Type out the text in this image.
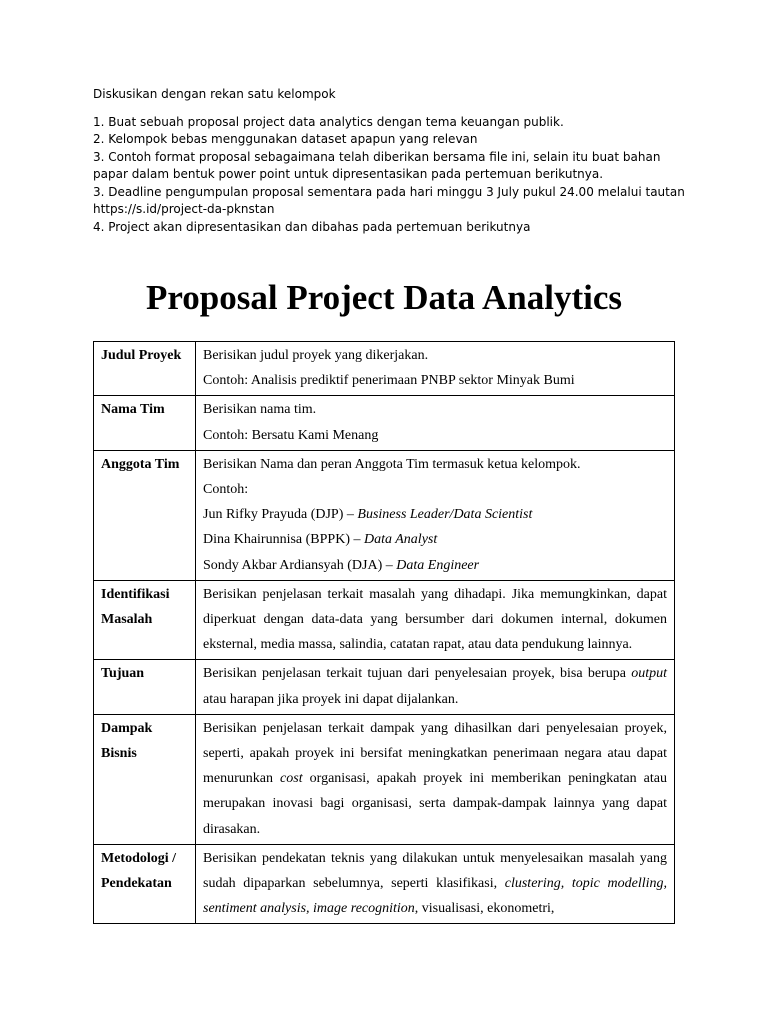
Diskusikan dengan rekan satu kelompok
1. Buat sebuah proposal project data analytics dengan tema keuangan publik.
2. Kelompok bebas menggunakan dataset apapun yang relevan
3. Contoh format proposal sebagaimana telah diberikan bersama file ini, selain itu buat bahan papar dalam bentuk power point untuk dipresentasikan pada pertemuan berikutnya.
3. Deadline pengumpulan proposal sementara pada hari minggu 3 July pukul 24.00 melalui tautan https://s.id/project-da-pknstan
4. Project akan dipresentasikan dan dibahas pada pertemuan berikutnya
Proposal Project Data Analytics
Judul Proyek	Berisikan judul proyek yang dikerjakan.
Contoh: Analisis prediktif penerimaan PNBP sektor Minyak Bumi

Nama Tim	Berisikan nama tim.
Contoh: Bersatu Kami Menang

Anggota Tim	Berisikan Nama dan peran Anggota Tim termasuk ketua kelompok.
Contoh:
Jun Rifky Prayuda (DJP) – Business Leader/Data Scientist
Dina Khairunnisa (BPPK) – Data Analyst
Sondy Akbar Ardiansyah (DJA) – Data Engineer

Identifikasi Masalah	Berisikan penjelasan terkait masalah yang dihadapi. Jika memungkinkan, dapat diperkuat dengan data-data yang bersumber dari dokumen internal, dokumen eksternal, media massa, salindia, catatan rapat, atau data pendukung lainnya.
Tujuan	Berisikan penjelasan terkait tujuan dari penyelesaian proyek, bisa berupa output atau harapan jika proyek ini dapat dijalankan.
Dampak Bisnis	Berisikan penjelasan terkait dampak yang dihasilkan dari penyelesaian proyek, seperti, apakah proyek ini bersifat meningkatkan penerimaan negara atau dapat menurunkan cost organisasi, apakah proyek ini memberikan peningkatan atau merupakan inovasi bagi organisasi, serta dampak-dampak lainnya yang dapat dirasakan.
Metodologi / Pendekatan	Berisikan pendekatan teknis yang dilakukan untuk menyelesaikan masalah yang sudah dipaparkan sebelumnya, seperti klasifikasi, clustering, topic modelling, sentiment analysis, image recognition, visualisasi, ekonometri,
